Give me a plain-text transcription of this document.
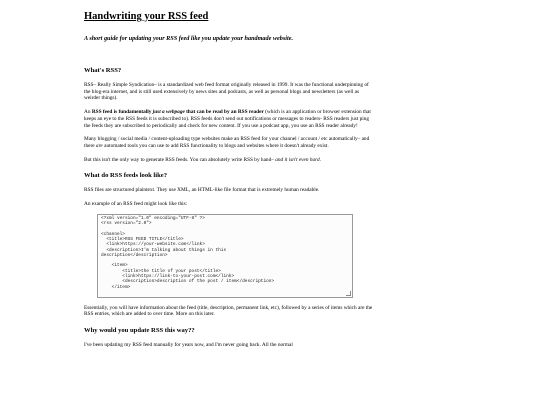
Handwriting your RSS feed
A short guide for updating your RSS feed like you update your handmade website.
What's RSS?

RSS– Really Simple Syndication– is a standardized web feed format originally released in 1999. It was the functional underpinning of the blog-era internet, and is still used extensively by news sites and podcasts, as well as personal blogs and newsletters (as well as weirder things).

An RSS feed is fundamentally just a webpage that can be read by an RSS reader (which is an application or browser extension that keeps an eye to the RSS feeds it is subscribed to). RSS feeds don't send out notifications or messages to readers- RSS readers just ping the feeds they are subscribed to periodically and check for new content. If you use a podcast app, you use an RSS reader already!

Many blogging / social media / content-uploading type websites make an RSS feed for your channel / account / etc automatically– and there are automated tools you can use to add RSS functionality to blogs and websites where it doesn't already exist.

But this isn't the only way to generate RSS feeds. You can absolutely write RSS by hand– and it isn't even hard.

What do RSS feeds look like?

RSS files are structured plaintext. They use XML, an HTML-like file format that is extremely human readable.

An example of an RSS feed might look like this:

<?xml version="1.0" encoding="UTF-8" ?>
<rss version="2.0">

<channel>
<title>RSS FEED TITLE</title>
<link>https://your-website.com</link>
<description>I'm talking about things in this
description</description>

<item>
<title>the title of your post</title>
<link>https://link-to-your-post.com</link>
<description>description of the post / item</description>
</item>

Essentially, you will have information about the feed (title, description, permanent link, etc), followed by a series of items which are the RSS entries, which are added to over time. More on this later.

Why would you update RSS this way??

I've been updating my RSS feed manually for years now, and I'm never going back. All the normal
